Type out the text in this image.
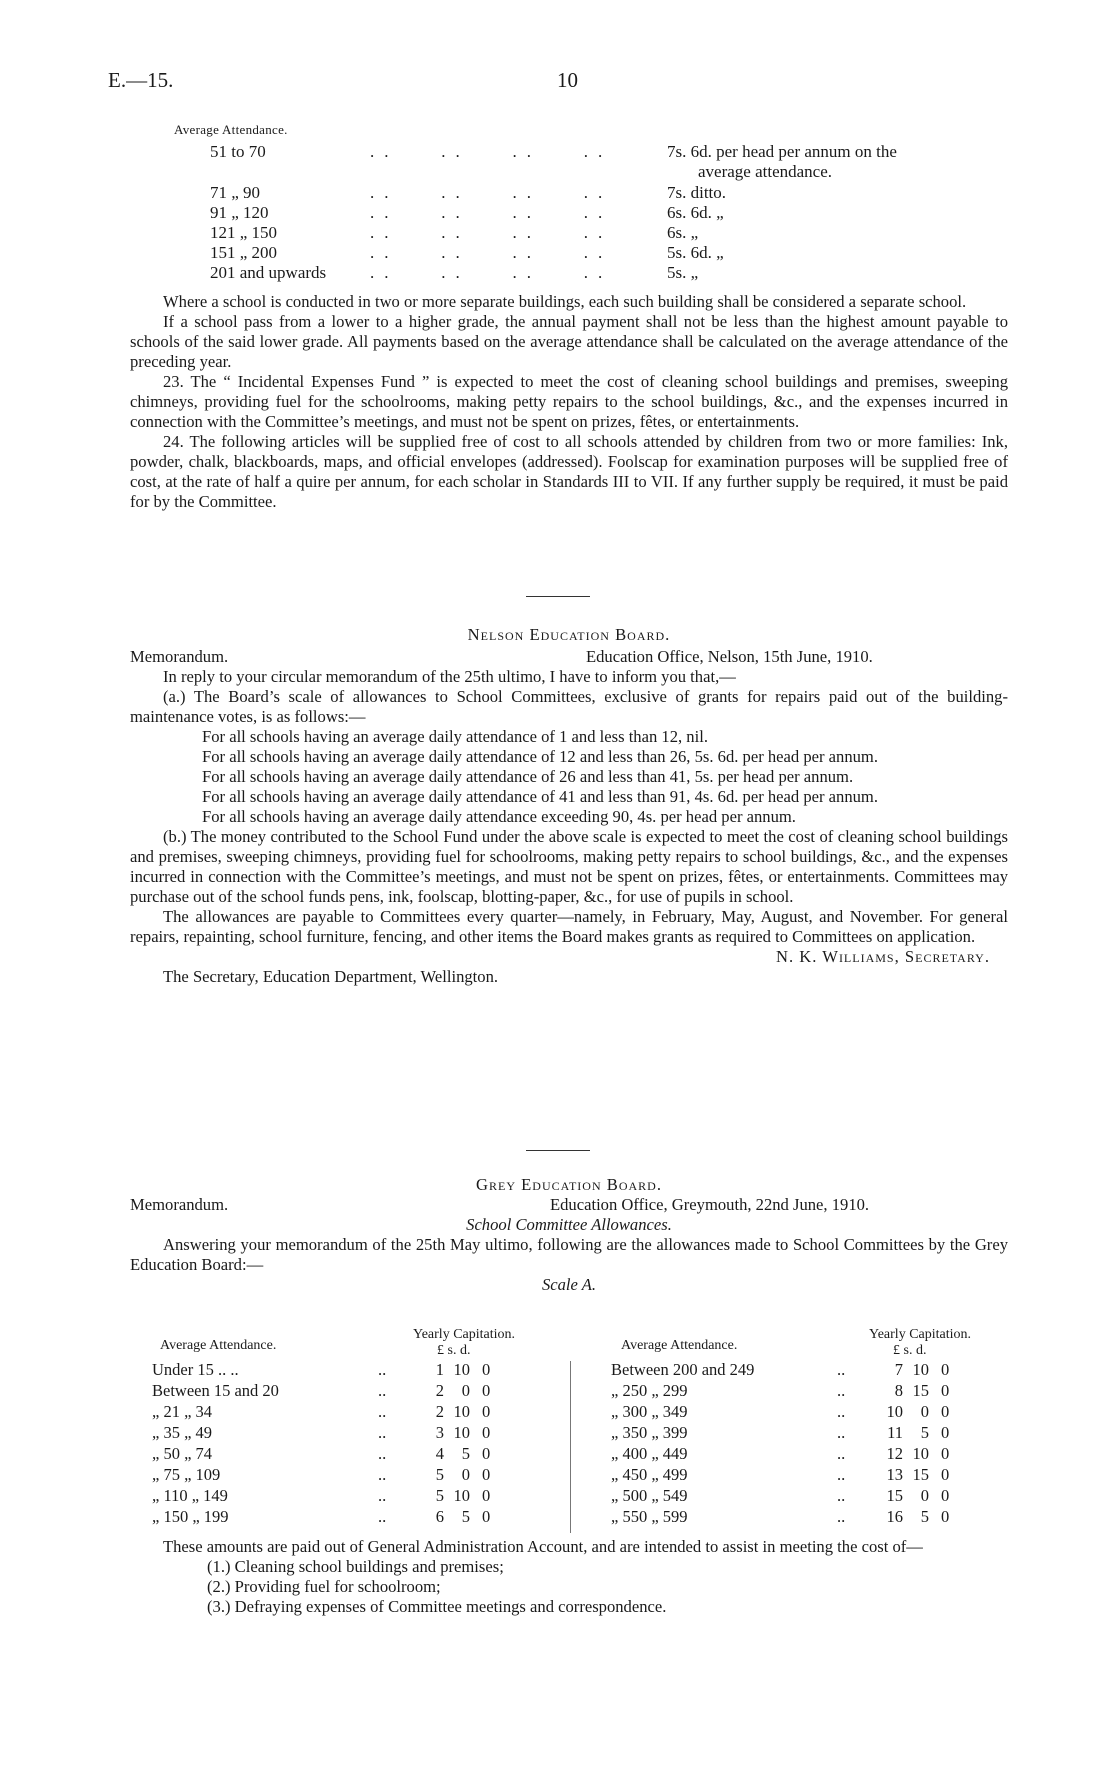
E.—15.	10
Average Attendance.
51 to 70	..   ..   ..   ..	7s. 6d. per head per annum on the
average attendance.
71 „ 90	..   ..   ..   ..	7s. ditto.
91 „ 120	..   ..   ..   ..	6s. 6d. „
121 „ 150	..   ..   ..   ..	6s. „
151 „ 200	..   ..   ..   ..	5s. 6d. „
201 and upwards	..   ..   ..   ..	5s. „

Where a school is conducted in two or more separate buildings, each such building shall be considered a separate school.

If a school pass from a lower to a higher grade, the annual payment shall not be less than the highest amount payable to schools of the said lower grade. All payments based on the average attendance shall be calculated on the average attendance of the preceding year.

23. The “ Incidental Expenses Fund ” is expected to meet the cost of cleaning school buildings and premises, sweeping chimneys, providing fuel for the schoolrooms, making petty repairs to the school buildings, &c., and the expenses incurred in connection with the Committee’s meetings, and must not be spent on prizes, fêtes, or entertainments.

24. The following articles will be supplied free of cost to all schools attended by children from two or more families: Ink, powder, chalk, blackboards, maps, and official envelopes (addressed). Foolscap for examination purposes will be supplied free of cost, at the rate of half a quire per annum, for each scholar in Standards III to VII. If any further supply be required, it must be paid for by the Committee.

Nelson Education Board.
Memorandum.	Education Office, Nelson, 15th June, 1910.

In reply to your circular memorandum of the 25th ultimo, I have to inform you that,—

(a.) The Board’s scale of allowances to School Committees, exclusive of grants for repairs paid out of the building-maintenance votes, is as follows:—

For all schools having an average daily attendance of 1 and less than 12, nil.

For all schools having an average daily attendance of 12 and less than 26, 5s. 6d. per head per annum.

For all schools having an average daily attendance of 26 and less than 41, 5s. per head per annum.

For all schools having an average daily attendance of 41 and less than 91, 4s. 6d. per head per annum.

For all schools having an average daily attendance exceeding 90, 4s. per head per annum.

(b.) The money contributed to the School Fund under the above scale is expected to meet the cost of cleaning school buildings and premises, sweeping chimneys, providing fuel for schoolrooms, making petty repairs to school buildings, &c., and the expenses incurred in connection with the Committee’s meetings, and must not be spent on prizes, fêtes, or entertainments. Committees may purchase out of the school funds pens, ink, foolscap, blotting-paper, &c., for use of pupils in school.

The allowances are payable to Committees every quarter—namely, in February, May, August, and November. For general repairs, repainting, school furniture, fencing, and other items the Board makes grants as required to Committees on application.

N. K. Williams, Secretary.

The Secretary, Education Department, Wellington.

Grey Education Board.
Memorandum.	Education Office, Greymouth, 22nd June, 1910.
School Committee Allowances.

Answering your memorandum of the 25th May ultimo, following are the allowances made to School Committees by the Grey Education Board:—

Scale A.
Average Attendance.
Yearly Capitation.
£ s. d.	Average Attendance.
Yearly Capitation.
£ s. d.
Under 15 .. ..	..	1 10 0
Between 15 and 20	..	2	0 0
„ 21 „ 34	..	2 10 0
„ 35 „ 49	..	3 10 0
„ 50 „ 74	..	4	5 0
„ 75 „ 109	..	5	0 0
„ 110 „ 149	..	5 10 0
„ 150 „ 199	..	6	5 0
Between 200 and 249	..	7 10 0
„ 250 „ 299	..	8 15 0
„ 300 „ 349	..	10	0 0
„ 350 „ 399	..	11	5 0
„ 400 „ 449	..	12 10 0
„ 450 „ 499	..	13 15 0
„ 500 „ 549	..	15	0 0
„ 550 „ 599	..	16	5 0

These amounts are paid out of General Administration Account, and are intended to assist in meeting the cost of—

(1.) Cleaning school buildings and premises;

(2.) Providing fuel for schoolroom;

(3.) Defraying expenses of Committee meetings and correspondence.
